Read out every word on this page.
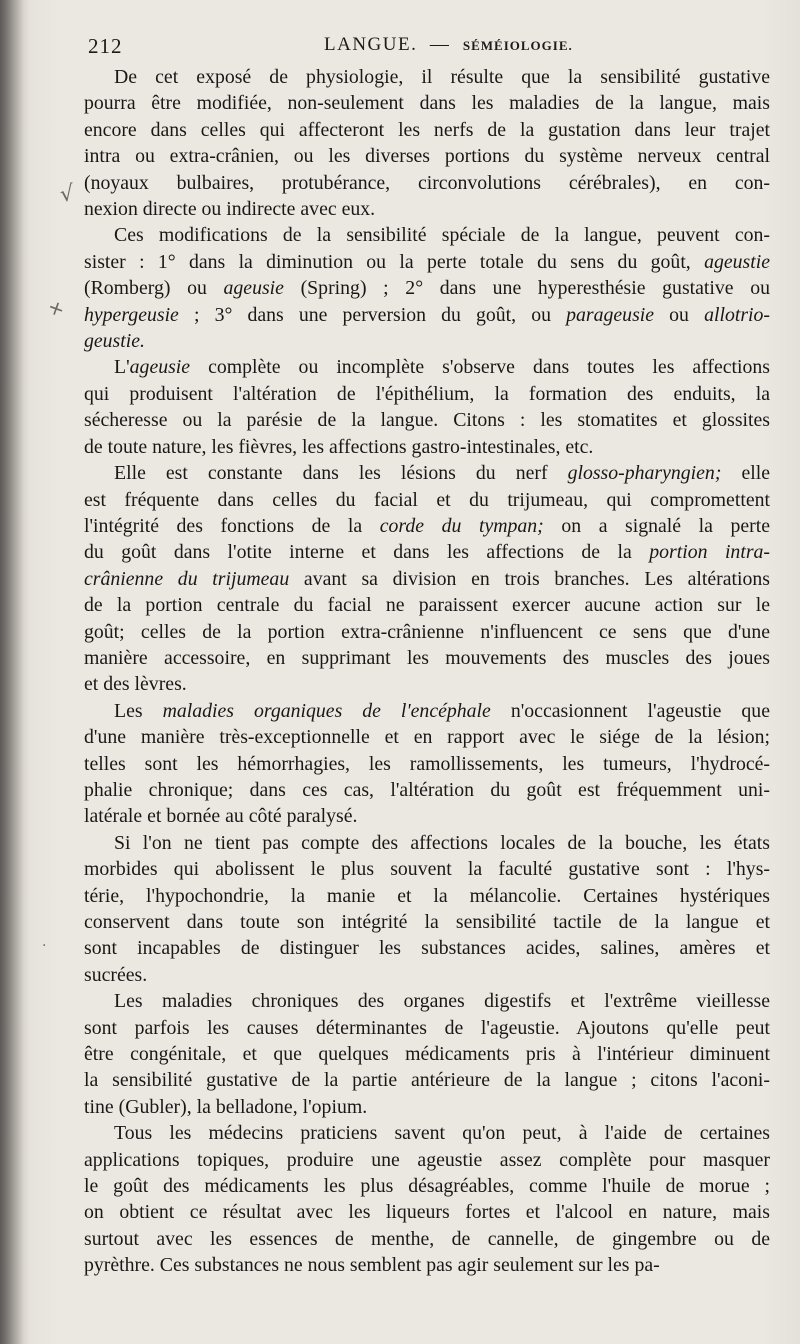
212	LANGUE. — SÉMÉIOLOGIE.
√
+
·
De cet exposé de physiologie, il résulte que la sensibilité gustative
pourra être modifiée, non-seulement dans les maladies de la langue, mais
encore dans celles qui affecteront les nerfs de la gustation dans leur trajet
intra ou extra-crânien, ou les diverses portions du système nerveux central
(noyaux bulbaires, protubérance, circonvolutions cérébrales), en con-
nexion directe ou indirecte avec eux.
Ces modifications de la sensibilité spéciale de la langue, peuvent con-
sister : 1° dans la diminution ou la perte totale du sens du goût, ageustie
(Romberg) ou ageusie (Spring) ; 2° dans une hyperesthésie gustative ou
hypergeusie ; 3° dans une perversion du goût, ou parageusie ou allotrio-
geustie.
L'ageusie complète ou incomplète s'observe dans toutes les affections
qui produisent l'altération de l'épithélium, la formation des enduits, la
sécheresse ou la parésie de la langue. Citons : les stomatites et glossites
de toute nature, les fièvres, les affections gastro-intestinales, etc.
Elle est constante dans les lésions du nerf glosso-pharyngien; elle
est fréquente dans celles du facial et du trijumeau, qui compromettent
l'intégrité des fonctions de la corde du tympan; on a signalé la perte
du goût dans l'otite interne et dans les affections de la portion intra-
crânienne du trijumeau avant sa division en trois branches. Les altérations
de la portion centrale du facial ne paraissent exercer aucune action sur le
goût; celles de la portion extra-crânienne n'influencent ce sens que d'une
manière accessoire, en supprimant les mouvements des muscles des joues
et des lèvres.
Les maladies organiques de l'encéphale n'occasionnent l'ageustie que
d'une manière très-exceptionnelle et en rapport avec le siége de la lésion;
telles sont les hémorrhagies, les ramollissements, les tumeurs, l'hydrocé-
phalie chronique; dans ces cas, l'altération du goût est fréquemment uni-
latérale et bornée au côté paralysé.
Si l'on ne tient pas compte des affections locales de la bouche, les états
morbides qui abolissent le plus souvent la faculté gustative sont : l'hys-
térie, l'hypochondrie, la manie et la mélancolie. Certaines hystériques
conservent dans toute son intégrité la sensibilité tactile de la langue et
sont incapables de distinguer les substances acides, salines, amères et
sucrées.
Les maladies chroniques des organes digestifs et l'extrême vieillesse
sont parfois les causes déterminantes de l'ageustie. Ajoutons qu'elle peut
être congénitale, et que quelques médicaments pris à l'intérieur diminuent
la sensibilité gustative de la partie antérieure de la langue ; citons l'aconi-
tine (Gubler), la belladone, l'opium.
Tous les médecins praticiens savent qu'on peut, à l'aide de certaines
applications topiques, produire une ageustie assez complète pour masquer
le goût des médicaments les plus désagréables, comme l'huile de morue ;
on obtient ce résultat avec les liqueurs fortes et l'alcool en nature, mais
surtout avec les essences de menthe, de cannelle, de gingembre ou de
pyrèthre. Ces substances ne nous semblent pas agir seulement sur les pa-
